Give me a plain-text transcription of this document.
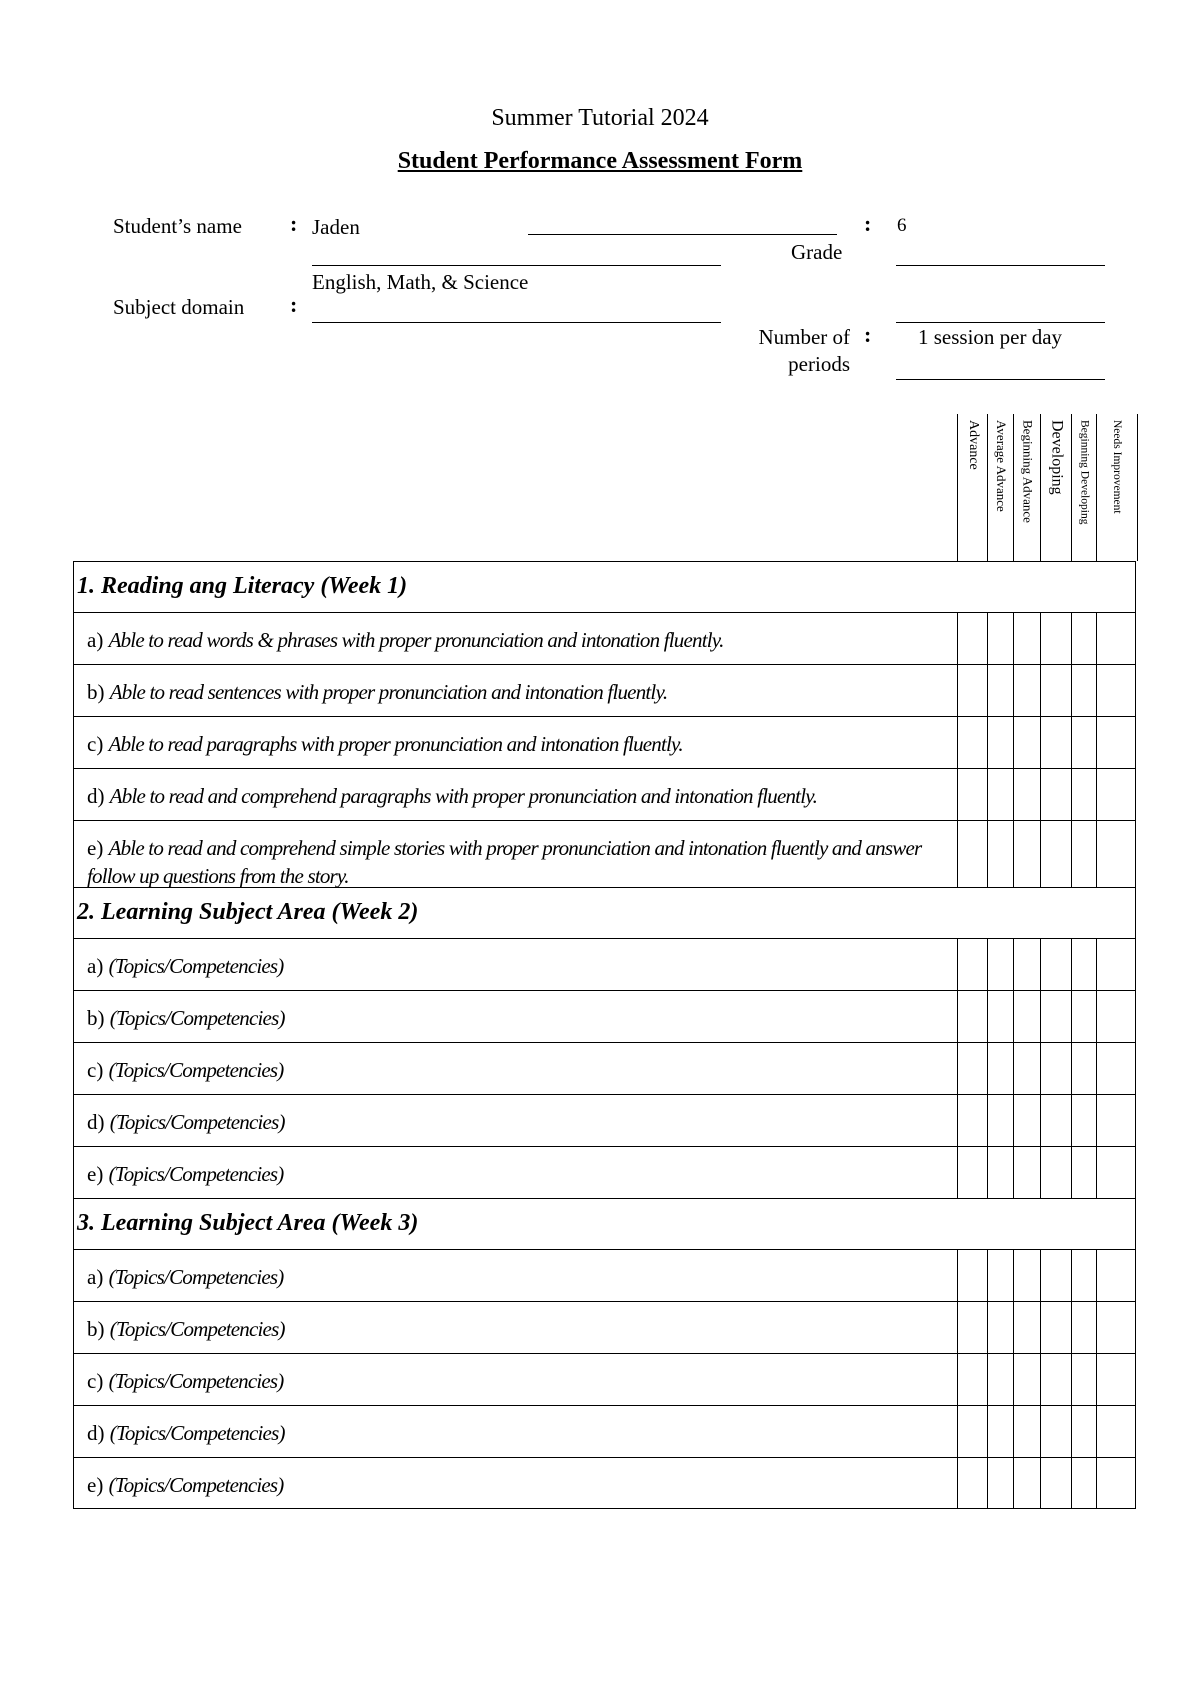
Summer Tutorial 2024
Student Performance Assessment Form
Student’s name : Jaden	: 6
Grade
English, Math, & Science
Subject domain :
Number of : 1 session per day
periods
Advance Average Advance Beginning Advance Developing Beginning Developing Needs Improvement
1. Reading ang Literacy (Week 1)
a) Able to read words & phrases with proper pronunciation and intonation fluently.
b) Able to read sentences with proper pronunciation and intonation fluently.
c) Able to read paragraphs with proper pronunciation and intonation fluently.
d) Able to read and comprehend paragraphs with proper pronunciation and intonation fluently.
e) Able to read and comprehend simple stories with proper pronunciation and intonation fluently and answer follow up questions from the story.
2. Learning Subject Area (Week 2)
a) (Topics/Competencies)
b) (Topics/Competencies)
c) (Topics/Competencies)
d) (Topics/Competencies)
e) (Topics/Competencies)
3. Learning Subject Area (Week 3)
a) (Topics/Competencies)
b) (Topics/Competencies)
c) (Topics/Competencies)
d) (Topics/Competencies)
e) (Topics/Competencies)
